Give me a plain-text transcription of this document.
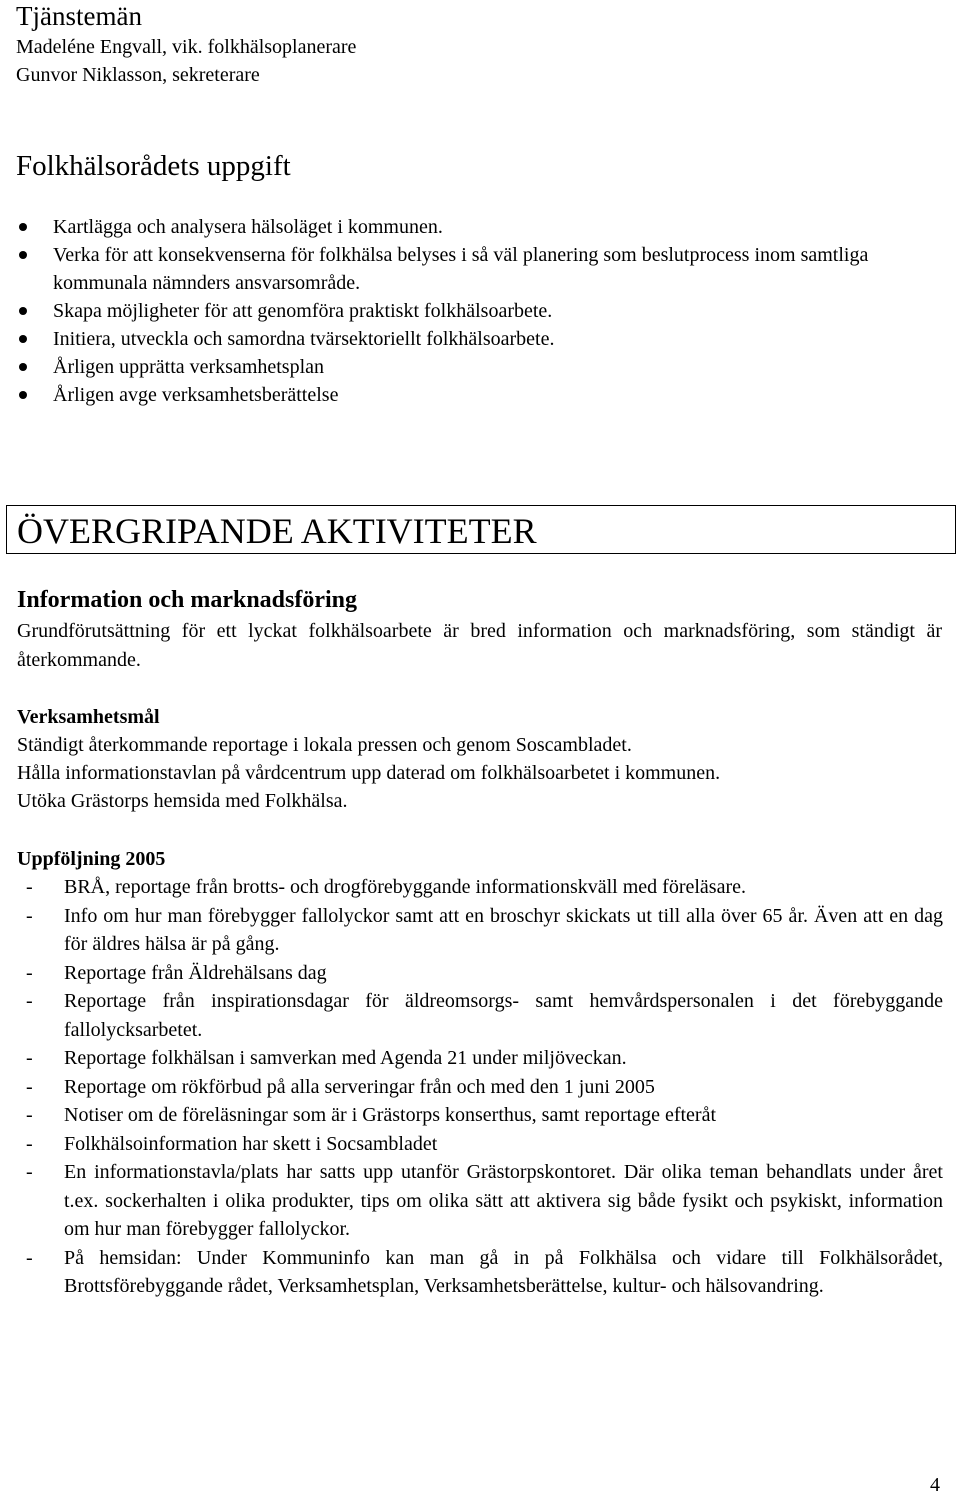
Tjänstemän
Madeléne Engvall, vik. folkhälsoplanerare
Gunvor Niklasson, sekreterare
Folkhälsorådets uppgift
Kartlägga och analysera hälsoläget i kommunen.
Verka för att konsekvenserna för folkhälsa belyses i så väl planering som beslutprocess inom samtliga kommunala nämnders ansvarsområde.
Skapa möjligheter för att genomföra praktiskt folkhälsoarbete.
Initiera, utveckla och samordna tvärsektoriellt folkhälsoarbete.
Årligen upprätta verksamhetsplan
Årligen avge verksamhetsberättelse
ÖVERGRIPANDE AKTIVITETER
Information och marknadsföring
Grundförutsättning för ett lyckat folkhälsoarbete är bred information och marknadsföring, som ständigt är återkommande.
Verksamhetsmål
Ständigt återkommande reportage i lokala pressen och genom Soscambladet.
Hålla informationstavlan på vårdcentrum upp daterad om folkhälsoarbetet i kommunen.
Utöka Grästorps hemsida med Folkhälsa.
Uppföljning 2005
- BRÅ, reportage från brotts- och drogförebyggande informationskväll med föreläsare.
- Info om hur man förebygger fallolyckor samt att en broschyr skickats ut till alla över 65 år. Även att en dag för äldres hälsa är på gång.
- Reportage från Äldrehälsans dag
- Reportage från inspirationsdagar för äldreomsorgs- samt hemvårdspersonalen i det förebyggande fallolycksarbetet.
- Reportage folkhälsan i samverkan med Agenda 21 under miljöveckan.
- Reportage om rökförbud på alla serveringar från och med den 1 juni 2005
- Notiser om de föreläsningar som är i Grästorps konserthus, samt reportage efteråt
- Folkhälsoinformation har skett i Socsambladet
- En informationstavla/plats har satts upp utanför Grästorpskontoret. Där olika teman behandlats under året t.ex. sockerhalten i olika produkter, tips om olika sätt att aktivera sig både fysikt och psykiskt, information om hur man förebygger fallolyckor.
- På hemsidan: Under Kommuninfo kan man gå in på Folkhälsa och vidare till Folkhälsorådet, Brottsförebyggande rådet, Verksamhetsplan, Verksamhetsberättelse, kultur- och hälsovandring.
4
